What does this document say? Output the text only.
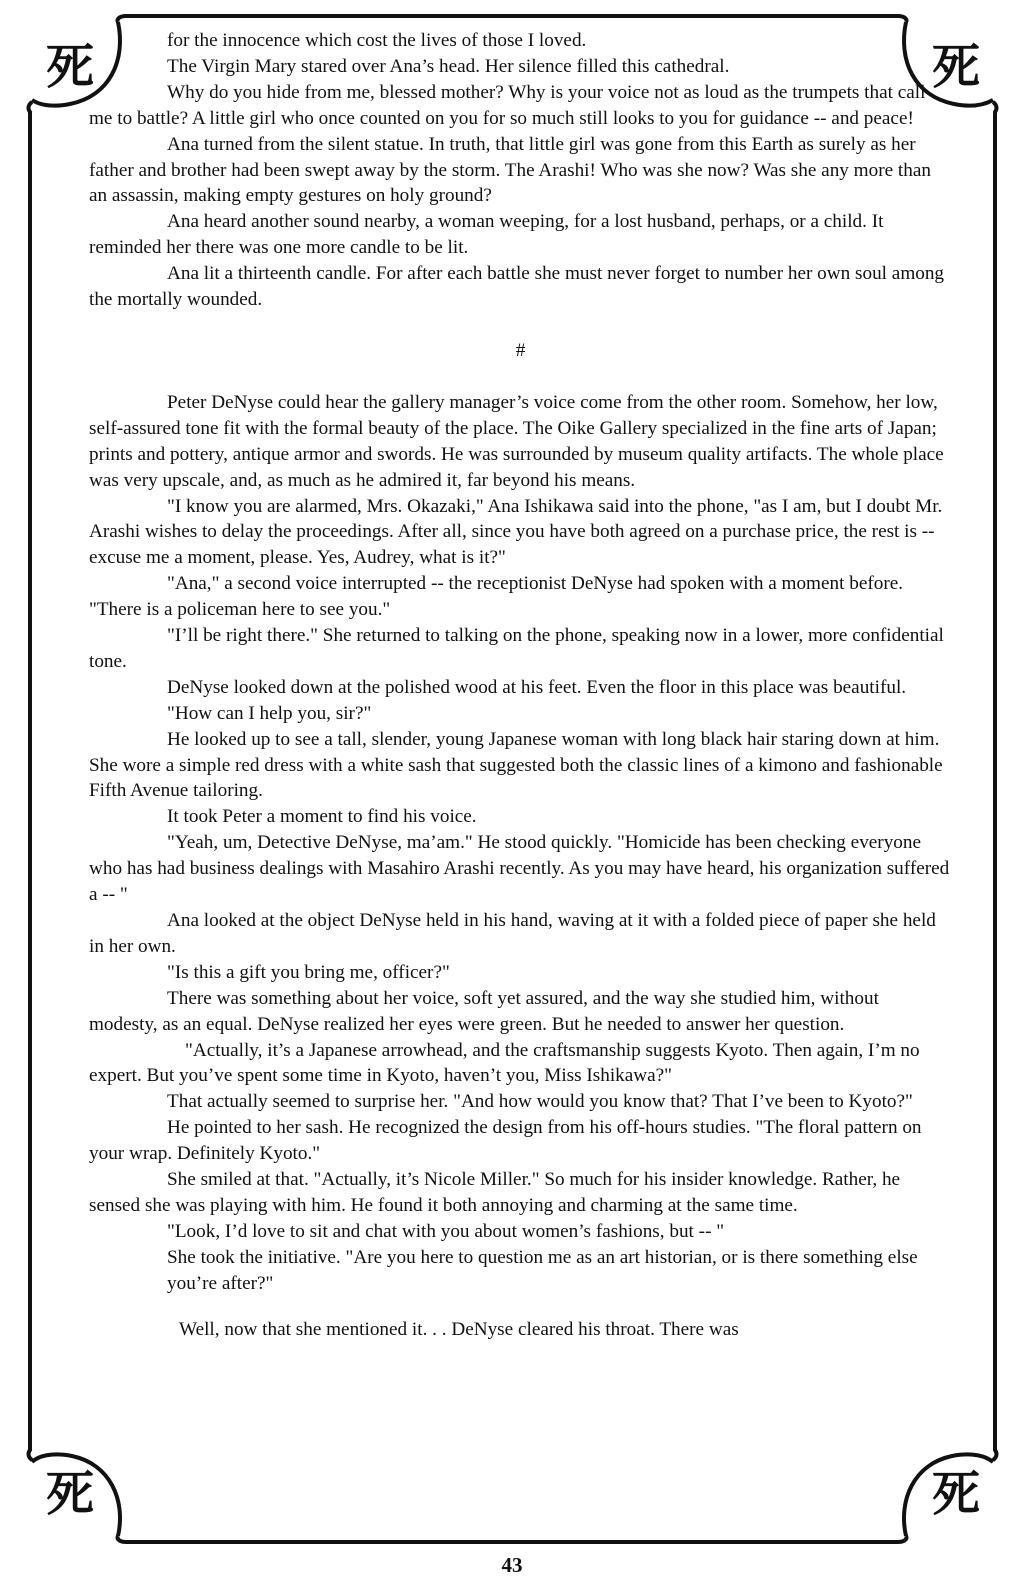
死	死
死	死

for the innocence which cost the lives of those I loved.

The Virgin Mary stared over Ana’s head. Her silence filled this cathedral.

Why do you hide from me, blessed mother? Why is your voice not as loud as the trumpets that call me to battle? A little girl who once counted on you for so much still looks to you for guidance -- and peace!

Ana turned from the silent statue. In truth, that little girl was gone from this Earth as surely as her father and brother had been swept away by the storm. The Arashi! Who was she now? Was she any more than an assassin, making empty gestures on holy ground?

Ana heard another sound nearby, a woman weeping, for a lost husband, perhaps, or a child. It reminded her there was one more candle to be lit.

Ana lit a thirteenth candle. For after each battle she must never forget to number her own soul among the mortally wounded.

#

Peter DeNyse could hear the gallery manager’s voice come from the other room. Somehow, her low, self-assured tone fit with the formal beauty of the place. The Oike Gallery specialized in the fine arts of Japan; prints and pottery, antique armor and swords. He was surrounded by museum quality artifacts. The whole place was very upscale, and, as much as he admired it, far beyond his means.

"I know you are alarmed, Mrs. Okazaki," Ana Ishikawa said into the phone, "as I am, but I doubt Mr. Arashi wishes to delay the proceedings. After all, since you have both agreed on a purchase price, the rest is -- excuse me a moment, please. Yes, Audrey, what is it?"

"Ana," a second voice interrupted -- the receptionist DeNyse had spoken with a moment before. "There is a policeman here to see you."

"I’ll be right there." She returned to talking on the phone, speaking now in a lower, more confidential tone.

DeNyse looked down at the polished wood at his feet. Even the floor in this place was beautiful.

"How can I help you, sir?"

He looked up to see a tall, slender, young Japanese woman with long black hair staring down at him. She wore a simple red dress with a white sash that suggested both the classic lines of a kimono and fashionable Fifth Avenue tailoring.

It took Peter a moment to find his voice.

"Yeah, um, Detective DeNyse, ma’am." He stood quickly. "Homicide has been checking everyone who has had business dealings with Masahiro Arashi recently. As you may have heard, his organization suffered a -- "

Ana looked at the object DeNyse held in his hand, waving at it with a folded piece of paper she held in her own.

"Is this a gift you bring me, officer?"

There was something about her voice, soft yet assured, and the way she studied him, without modesty, as an equal. DeNyse realized her eyes were green. But he needed to answer her question.

"Actually, it’s a Japanese arrowhead, and the craftsmanship suggests Kyoto. Then again, I’m no expert. But you’ve spent some time in Kyoto, haven’t you, Miss Ishikawa?"

That actually seemed to surprise her. "And how would you know that? That I’ve been to Kyoto?"

He pointed to her sash. He recognized the design from his off-hours studies. "The floral pattern on your wrap. Definitely Kyoto."

She smiled at that. "Actually, it’s Nicole Miller." So much for his insider knowledge. Rather, he sensed she was playing with him. He found it both annoying and charming at the same time.

"Look, I’d love to sit and chat with you about women’s fashions, but -- "

She took the initiative. "Are you here to question me as an art historian, or is there something else you’re after?"

Well, now that she mentioned it. . . DeNyse cleared his throat. There was

43
